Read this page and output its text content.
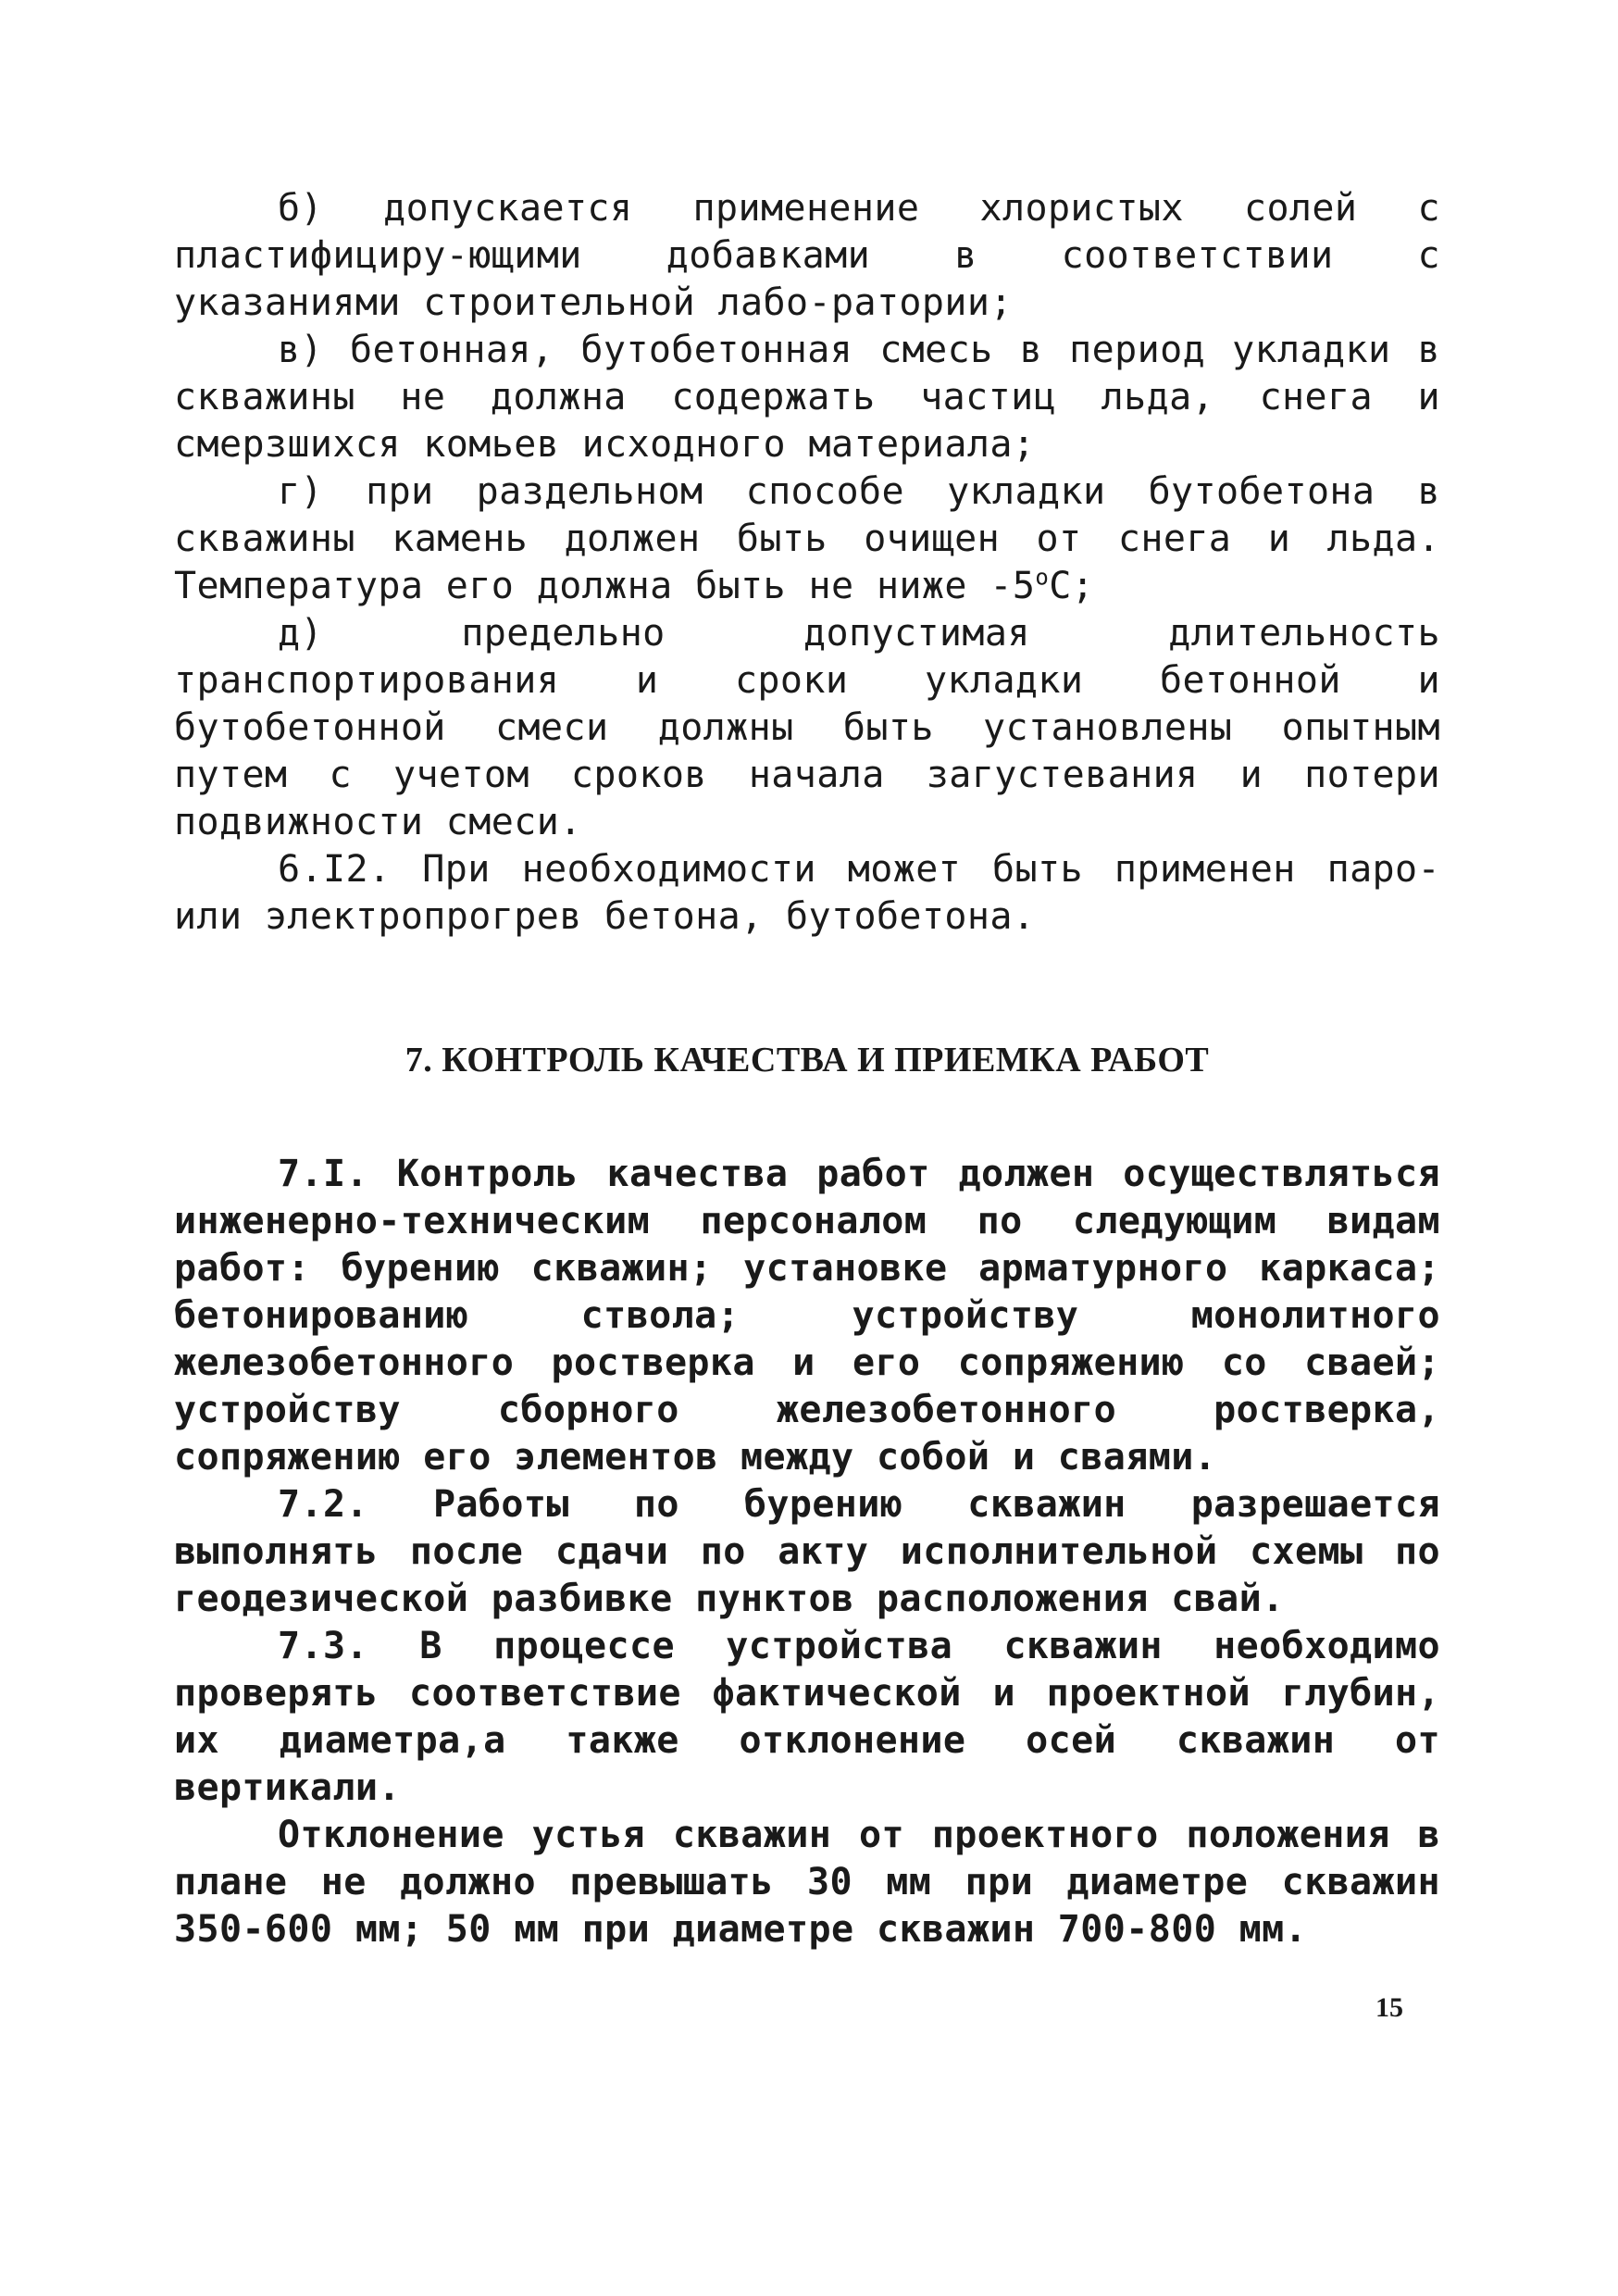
б) допускается применение хлористых солей с пластифициру-ющими добавками в соответствии с указаниями строительной лабо-ратории;

в) бетонная, бутобетонная смесь в период укладки в скважины не должна содержать частиц льда, снега и смерзшихся комьев исходного материала;

г) при раздельном способе укладки бутобетона в скважины камень должен быть очищен от снега и льда. Температура его должна быть не ниже $-5^оС$;

д) предельно допустимая длительность транспортирования и сроки укладки бетонной и бутобетонной смеси должны быть установлены опытным путем с учетом сроков начала загустевания и потери подвижности смеси.

6.I2. При необходимости может быть применен паро- или электропрогрев бетона, бутобетона.

7. КОНТРОЛЬ КАЧЕСТВА И ПРИЕМКА РАБОТ

7.I. Контроль качества работ должен осуществляться инженерно-техническим персоналом по следующим видам работ: бурению скважин; установке арматурного каркаса; бетонированию ствола; устройству монолитного железобетонного ростверка и его сопряжению со сваей; устройству сборного железобетонного ростверка, сопряжению его элементов между собой и сваями.

7.2. Работы по бурению скважин разрешается выполнять после сдачи по акту исполнительной схемы по геодезической разбивке пунктов расположения свай.

7.3. В процессе устройства скважин необходимо проверять соответствие фактической и проектной глубин, их диаметра,а также отклонение осей скважин от вертикали.

Отклонение устья скважин от проектного положения в плане не должно превышать 30 мм при диаметре скважин 350-600 мм; 50 мм при диаметре скважин 700-800 мм.

15
